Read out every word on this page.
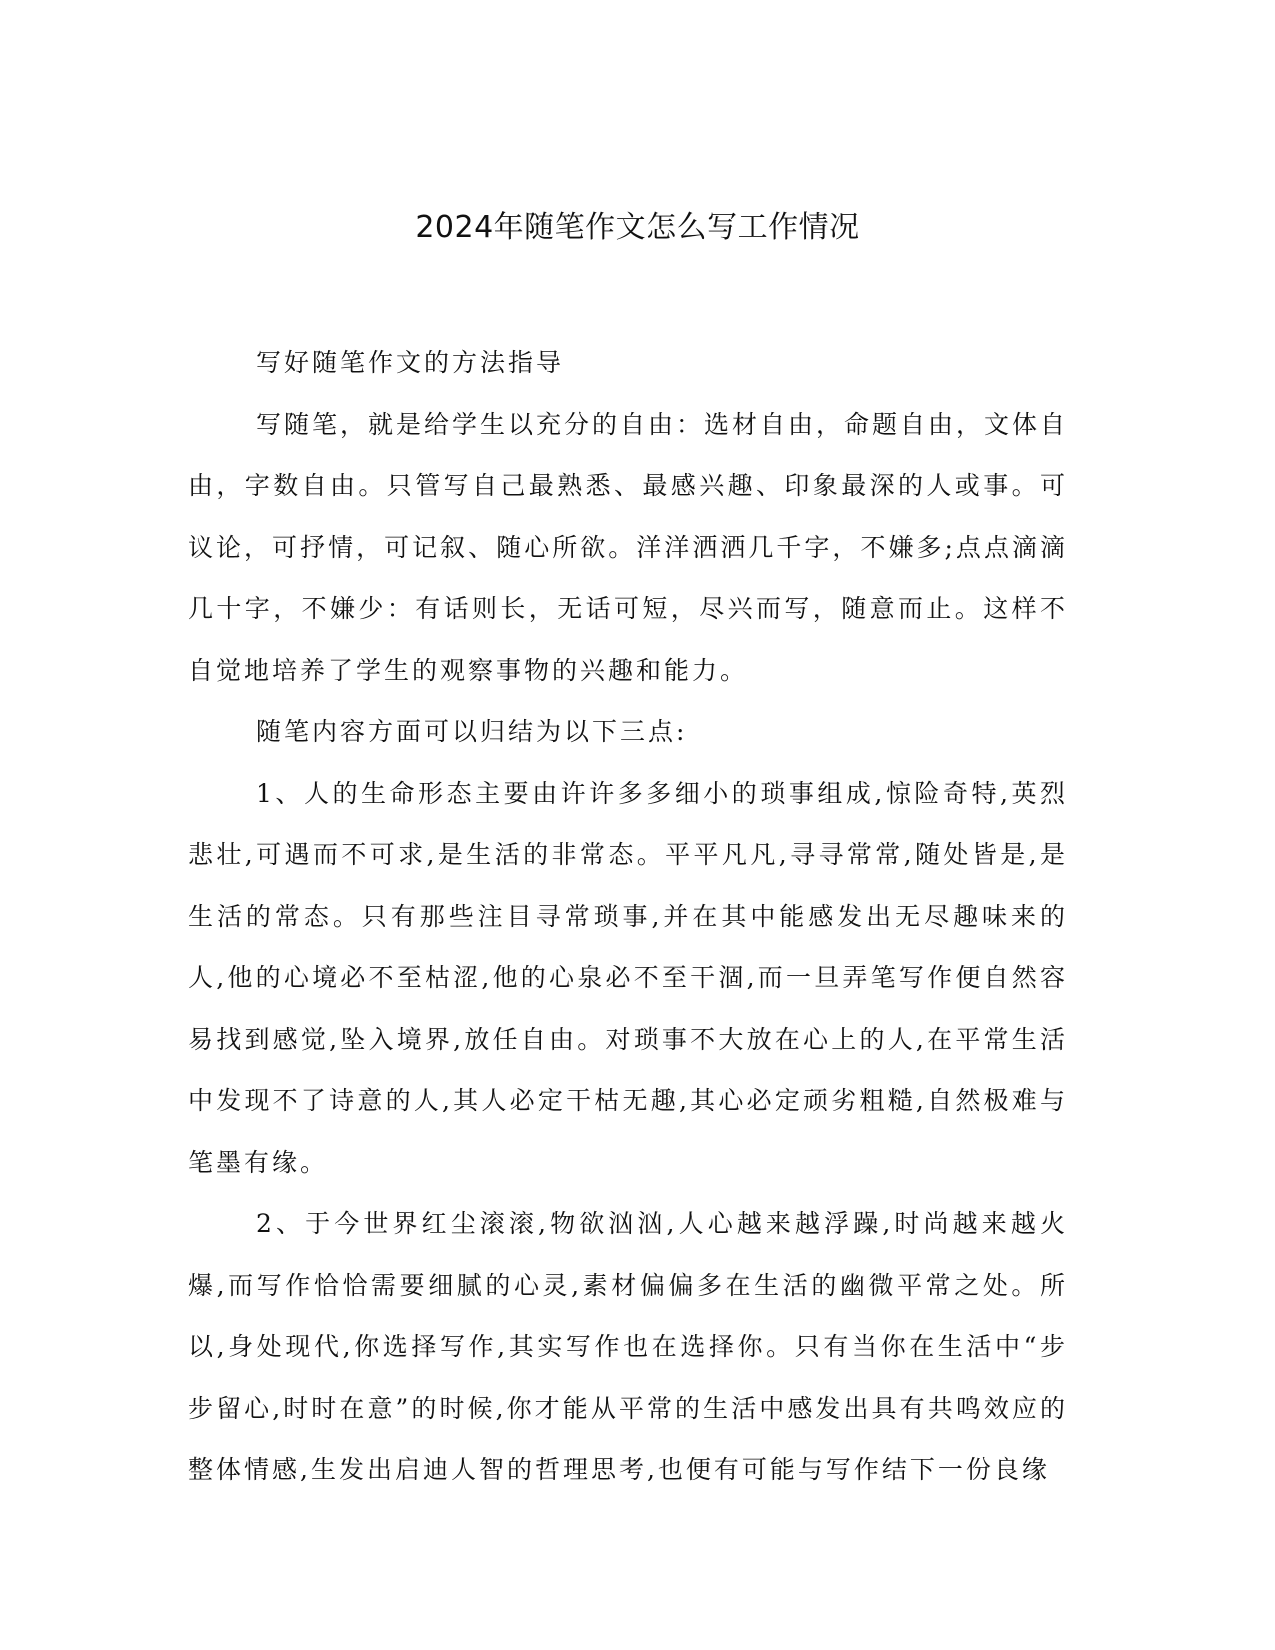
2024年随笔作文怎么写工作情况

写好随笔作文的方法指导

写随笔，就是给学生以充分的自由：选材自由，命题自由，文体自由，字数自由。只管写自己最熟悉、最感兴趣、印象最深的人或事。可议论，可抒情，可记叙、随心所欲。洋洋洒洒几千字，不嫌多;点点滴滴几十字，不嫌少：有话则长，无话可短，尽兴而写，随意而止。这样不自觉地培养了学生的观察事物的兴趣和能力。

随笔内容方面可以归结为以下三点:

1、人的生命形态主要由许许多多细小的琐事组成,惊险奇特,英烈悲壮,可遇而不可求,是生活的非常态。平平凡凡,寻寻常常,随处皆是,是生活的常态。只有那些注目寻常琐事,并在其中能感发出无尽趣味来的人,他的心境必不至枯涩,他的心泉必不至干涸,而一旦弄笔写作便自然容易找到感觉,坠入境界,放任自由。对琐事不大放在心上的人,在平常生活中发现不了诗意的人,其人必定干枯无趣,其心必定顽劣粗糙,自然极难与笔墨有缘。

2、于今世界红尘滚滚,物欲汹汹,人心越来越浮躁,时尚越来越火爆,而写作恰恰需要细腻的心灵,素材偏偏多在生活的幽微平常之处。所以,身处现代,你选择写作,其实写作也在选择你。只有当你在生活中“步步留心,时时在意”的时候,你才能从平常的生活中感发出具有共鸣效应的整体情感,生发出启迪人智的哲理思考,也便有可能与写作结下一份良缘
